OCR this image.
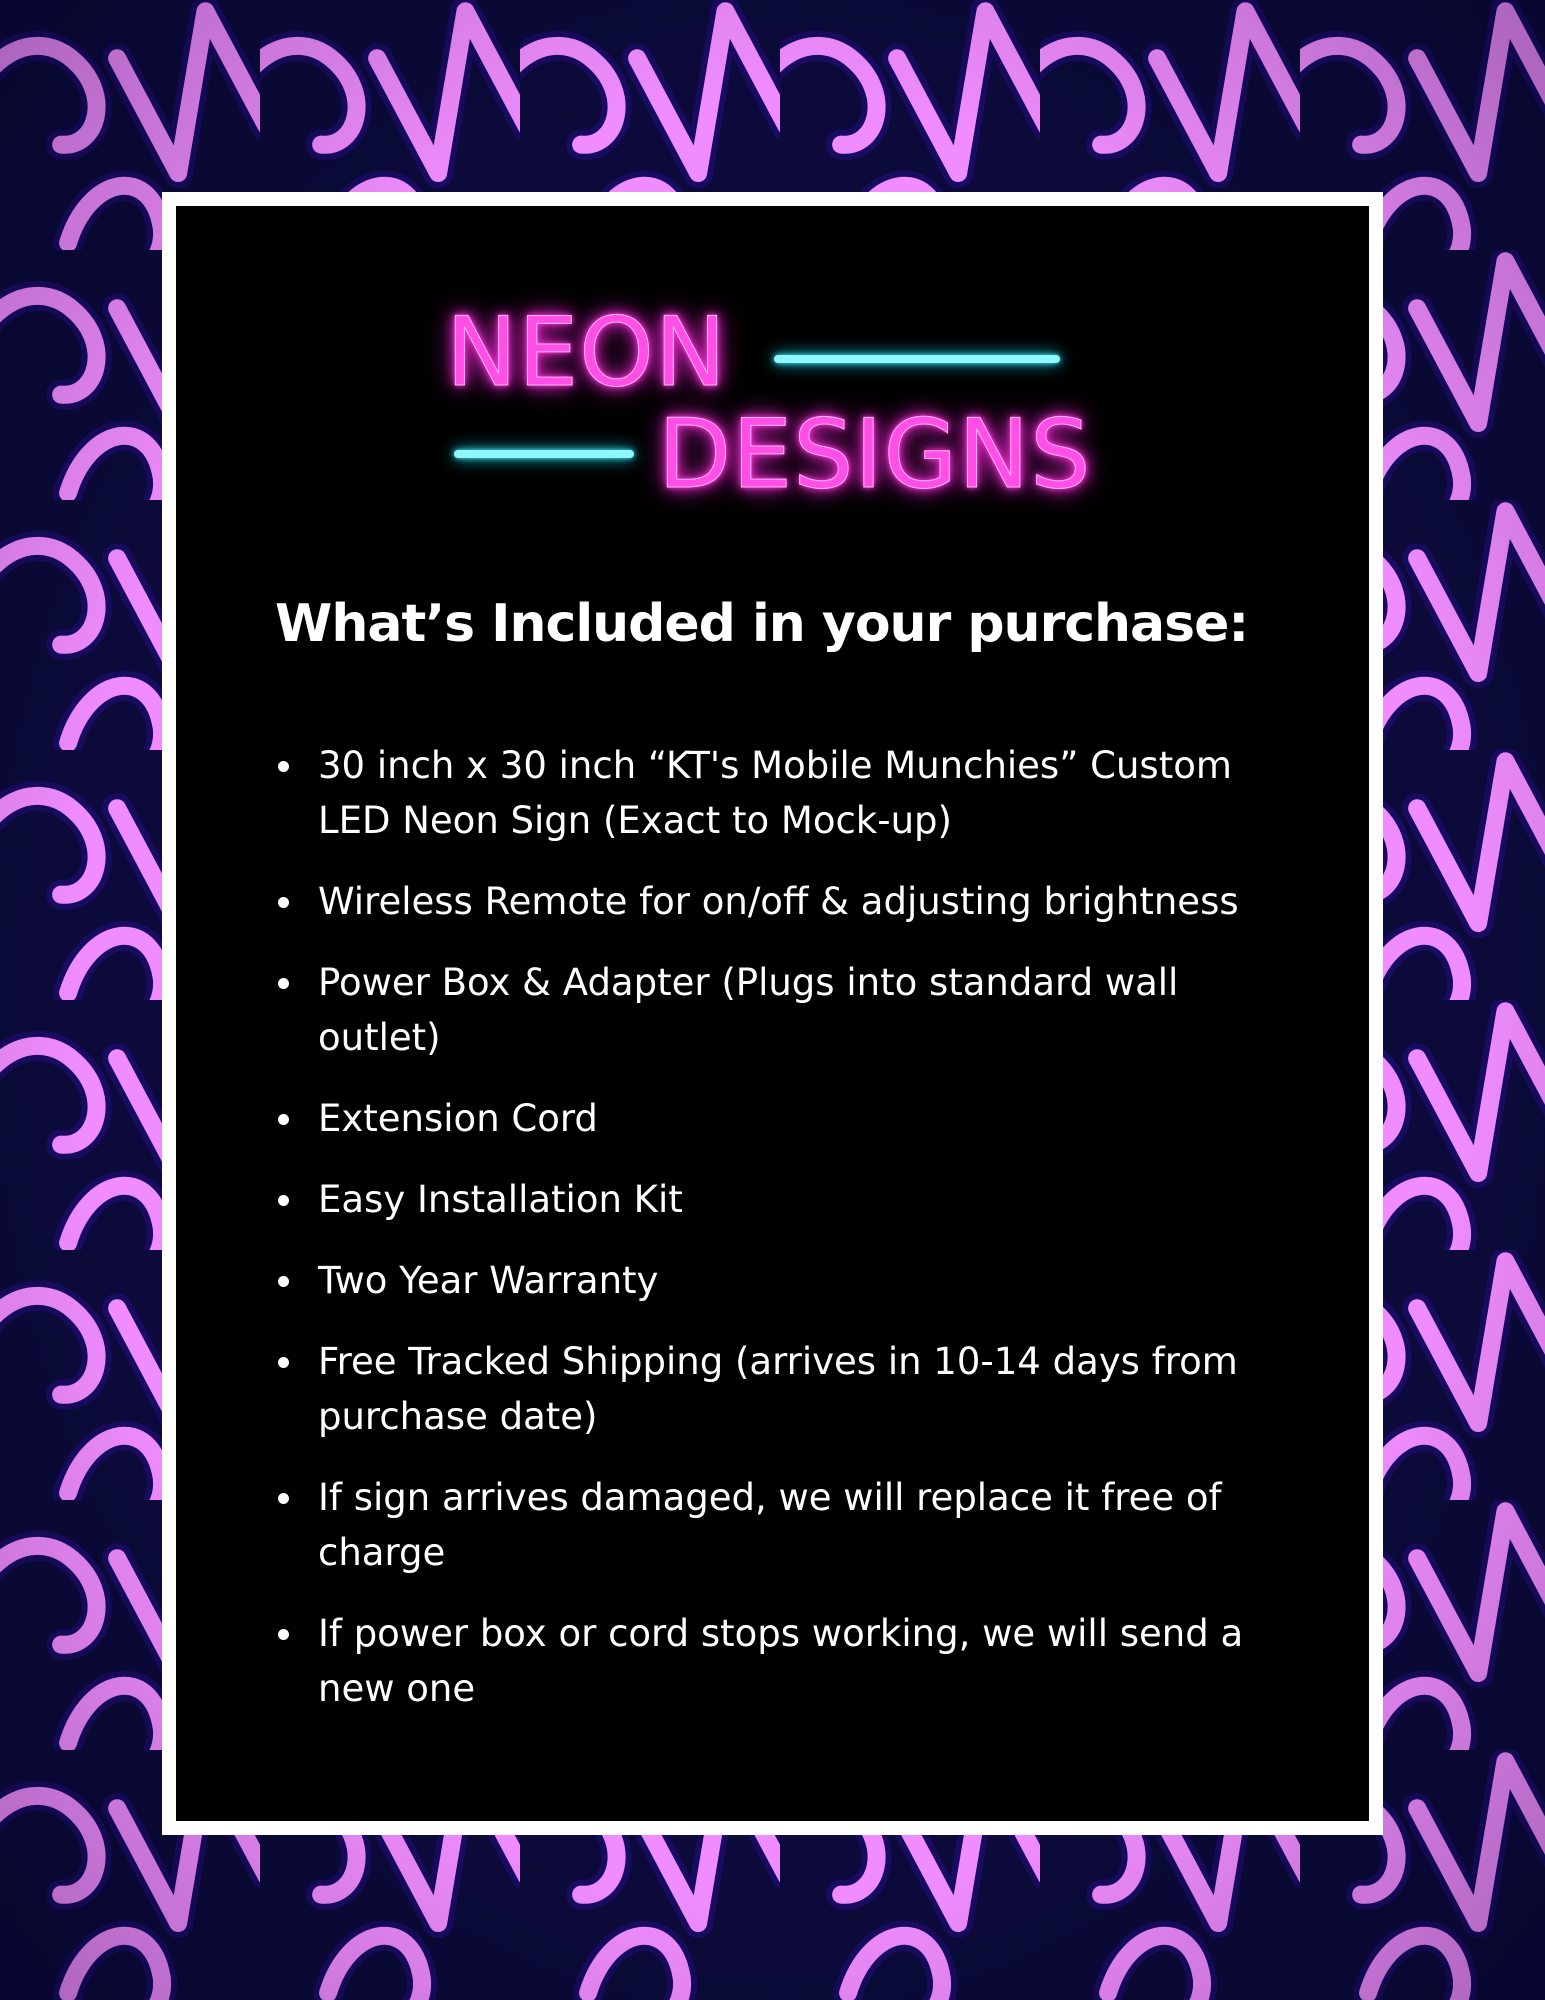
NEON
DESIGNS
What’s Included in your purchase:
30 inch x 30 inch “KT's Mobile Munchies” Custom LED Neon Sign (Exact to Mock-up)
Wireless Remote for on/off & adjusting brightness
Power Box & Adapter (Plugs into standard wall outlet)
Extension Cord
Easy Installation Kit
Two Year Warranty
Free Tracked Shipping (arrives in 10-14 days from purchase date)
If sign arrives damaged, we will replace it free of charge
If power box or cord stops working, we will send a new one
